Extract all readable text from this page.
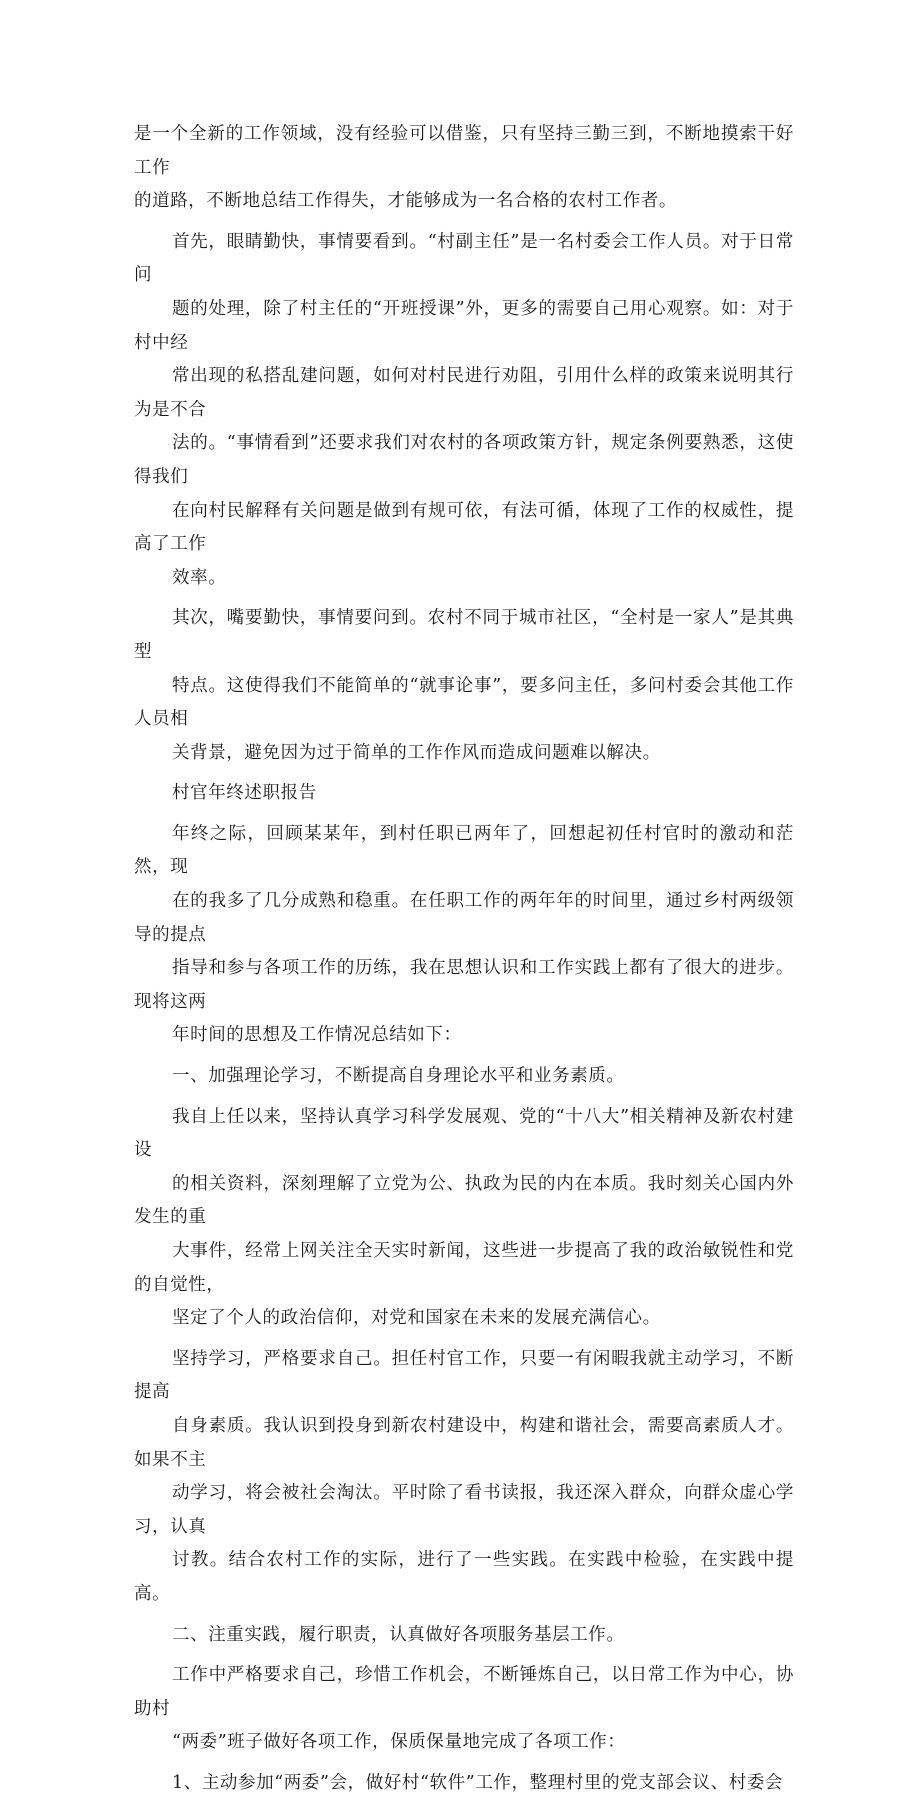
是一个全新的工作领域，没有经验可以借鉴，只有坚持三勤三到，不断地摸索干好工作
的道路，不断地总结工作得失，才能够成为一名合格的农村工作者。

首先，眼睛勤快，事情要看到。“村副主任”是一名村委会工作人员。对于日常问
题的处理，除了村主任的“开班授课”外，更多的需要自己用心观察。如：对于村中经
常出现的私搭乱建问题，如何对村民进行劝阻，引用什么样的政策来说明其行为是不合
法的。“事情看到”还要求我们对农村的各项政策方针，规定条例要熟悉，这使得我们
在向村民解释有关问题是做到有规可依，有法可循，体现了工作的权威性，提高了工作
效率。

其次，嘴要勤快，事情要问到。农村不同于城市社区，“全村是一家人”是其典型
特点。这使得我们不能简单的“就事论事”，要多问主任，多问村委会其他工作人员相
关背景，避免因为过于简单的工作作风而造成问题难以解决。

村官年终述职报告

年终之际，回顾某某年，到村任职已两年了，回想起初任村官时的激动和茫然，现
在的我多了几分成熟和稳重。在任职工作的两年年的时间里，通过乡村两级领导的提点
指导和参与各项工作的历练，我在思想认识和工作实践上都有了很大的进步。现将这两
年时间的思想及工作情况总结如下：

一、加强理论学习，不断提高自身理论水平和业务素质。

我自上任以来，坚持认真学习科学发展观、党的“十八大”相关精神及新农村建设
的相关资料，深刻理解了立党为公、执政为民的内在本质。我时刻关心国内外发生的重
大事件，经常上网关注全天实时新闻，这些进一步提高了我的政治敏锐性和党的自觉性，
坚定了个人的政治信仰，对党和国家在未来的发展充满信心。

坚持学习，严格要求自己。担任村官工作，只要一有闲暇我就主动学习，不断提高
自身素质。我认识到投身到新农村建设中，构建和谐社会，需要高素质人才。如果不主
动学习，将会被社会淘汰。平时除了看书读报，我还深入群众，向群众虚心学习，认真
讨教。结合农村工作的实际，进行了一些实践。在实践中检验，在实践中提高。

二、注重实践，履行职责，认真做好各项服务基层工作。

工作中严格要求自己，珍惜工作机会，不断锤炼自己，以日常工作为中心，协助村
“两委”班子做好各项工作，保质保量地完成了各项工作：

1、主动参加“两委”会，做好村“软件”工作，整理村里的党支部会议、村委会
